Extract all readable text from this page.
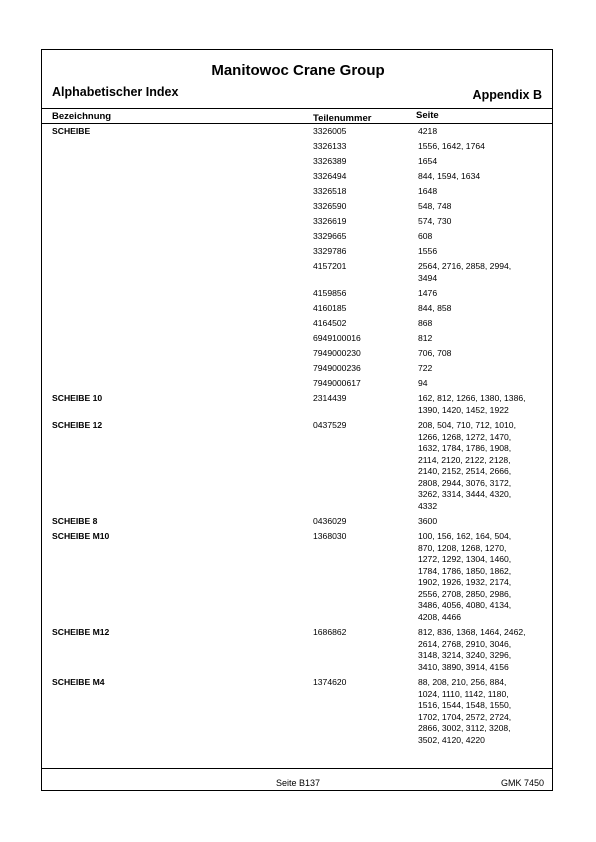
Manitowoc Crane Group
Alphabetischer Index	Appendix B
Bezeichnung	Teilenummer	Seite
SCHEIBE	3326005	4218
3326133	1556, 1642, 1764
3326389	1654
3326494	844, 1594, 1634
3326518	1648
3326590	548, 748
3326619	574, 730
3329665	608
3329786	1556
4157201	2564, 2716, 2858, 2994,
3494
4159856	1476
4160185	844, 858
4164502	868
6949100016	812
7949000230	706, 708
7949000236	722
7949000617	94
SCHEIBE 10	2314439	162, 812, 1266, 1380, 1386,
1390, 1420, 1452, 1922
SCHEIBE 12	0437529	208, 504, 710, 712, 1010,
1266, 1268, 1272, 1470,
1632, 1784, 1786, 1908,
2114, 2120, 2122, 2128,
2140, 2152, 2514, 2666,
2808, 2944, 3076, 3172,
3262, 3314, 3444, 4320,
4332
SCHEIBE 8	0436029	3600
SCHEIBE M10	1368030	100, 156, 162, 164, 504,
870, 1208, 1268, 1270,
1272, 1292, 1304, 1460,
1784, 1786, 1850, 1862,
1902, 1926, 1932, 2174,
2556, 2708, 2850, 2986,
3486, 4056, 4080, 4134,
4208, 4466
SCHEIBE M12	1686862	812, 836, 1368, 1464, 2462,
2614, 2768, 2910, 3046,
3148, 3214, 3240, 3296,
3410, 3890, 3914, 4156
SCHEIBE M4	1374620	88, 208, 210, 256, 884,
1024, 1110, 1142, 1180,
1516, 1544, 1548, 1550,
1702, 1704, 2572, 2724,
2866, 3002, 3112, 3208,
3502, 4120, 4220
Seite B137	GMK 7450
